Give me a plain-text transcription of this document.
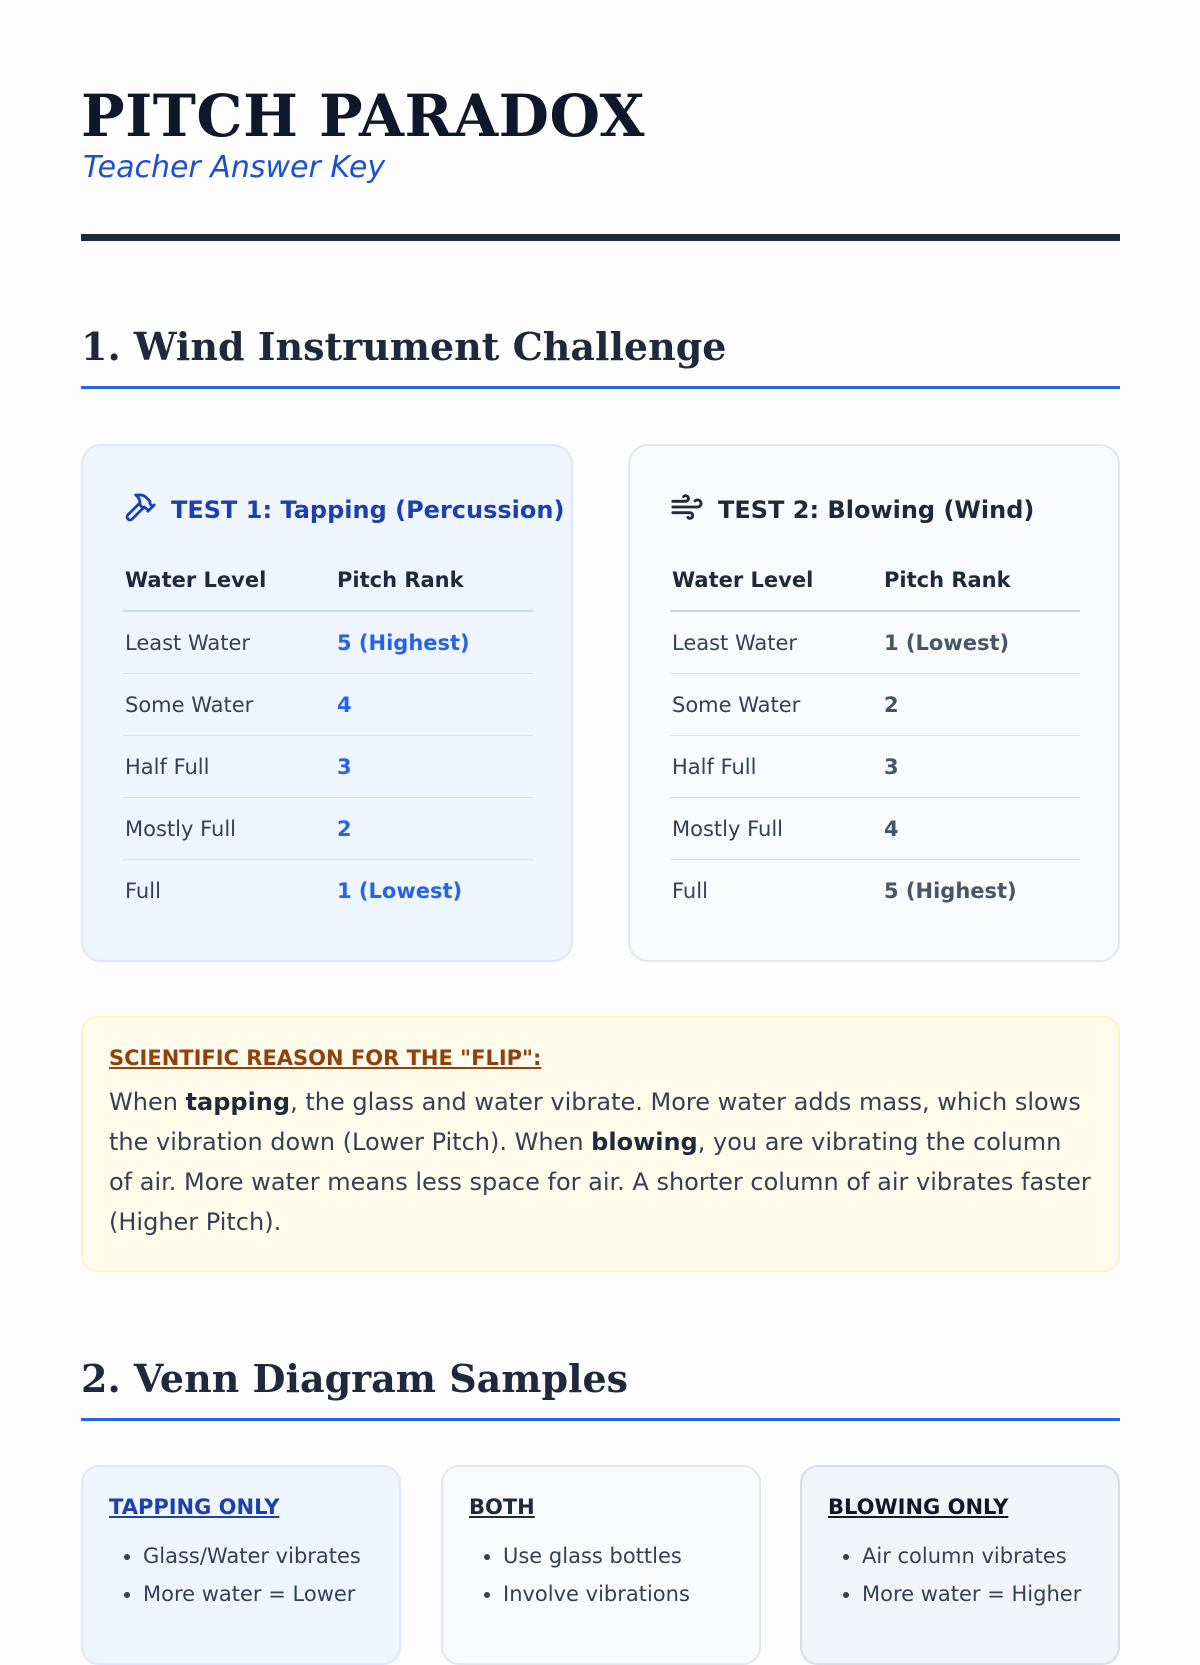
PITCH PARADOX

Teacher Answer Key

1. Wind Instrument Challenge
TEST 1: Tapping (Percussion)
Water Level	Pitch Rank
Least Water	5 (Highest)
Some Water	4
Half Full	3
Mostly Full	2
Full	1 (Lowest)
TEST 2: Blowing (Wind)
Water Level	Pitch Rank
Least Water	1 (Lowest)
Some Water	2
Half Full	3
Mostly Full	4
Full	5 (Highest)

SCIENTIFIC REASON FOR THE "FLIP":

When tapping, the glass and water vibrate. More water adds mass, which slows the vibration down (Lower Pitch). When blowing, you are vibrating the column of air. More water means less space for air. A shorter column of air vibrates faster (Higher Pitch).

2. Venn Diagram Samples

TAPPING ONLY

• Glass/Water vibrates
• More water = Lower

BOTH

• Use glass bottles
• Involve vibrations

BLOWING ONLY

• Air column vibrates
• More water = Higher
